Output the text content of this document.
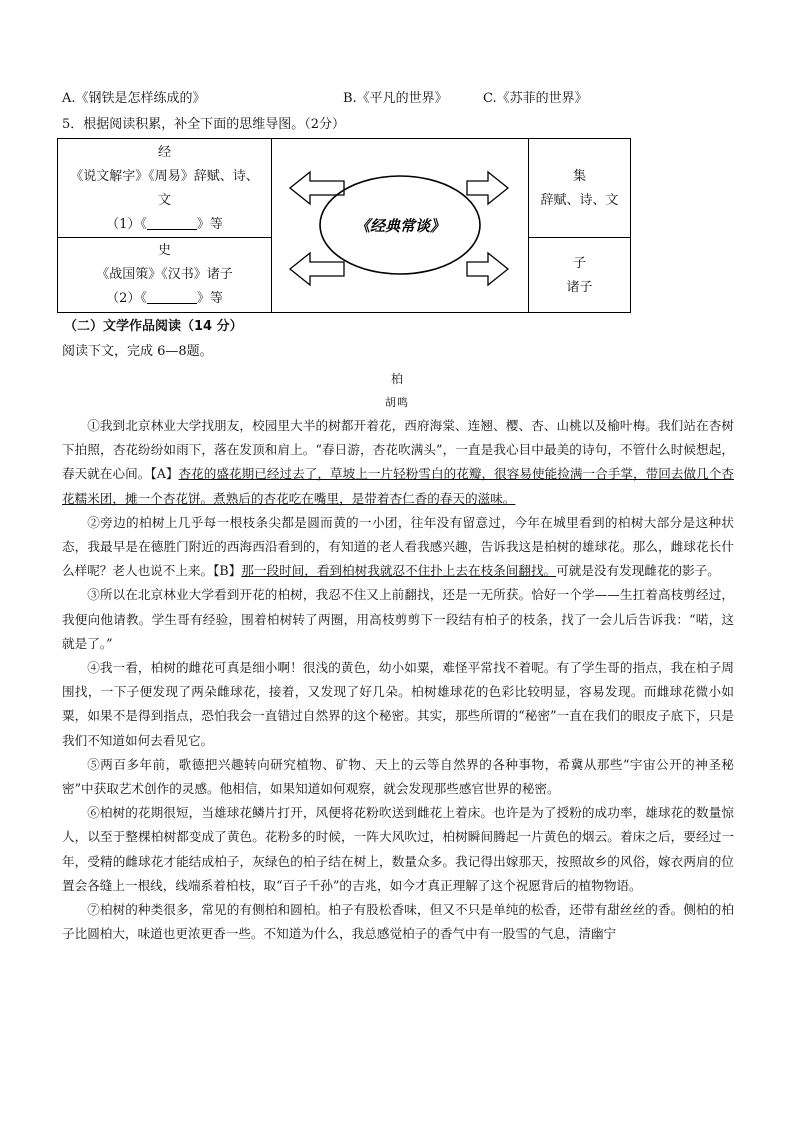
A.《钢铁是怎样练成的》	B.《平凡的世界》	C.《苏菲的世界》
5．根据阅读积累，补全下面的思维导图。（2分）
经
《说文解字》《周易》辞赋、诗、
文
（1）《	》等
史
《战国策》《汉书》诸子
（2）《	》等
《经典常谈》
集
辞赋、诗、文
子
诸子
（二）文学作品阅读（14 分）
阅读下文，完成 6—8题。
柏
胡鸣

①我到北京林业大学找朋友，校园里大半的树都开着花，西府海棠、连翘、樱、杏、山桃以及榆叶梅。我们站在杏树下拍照，杏花纷纷如雨下，落在发顶和肩上。“春日游，杏花吹满头”，一直是我心目中最美的诗句，不管什么时候想起，春天就在心间。【A】杏花的盛花期已经过去了，草坡上一片轻粉雪白的花瓣，很容易使能捡满一合手掌，带回去做几个杏花糯米团，摊一个杏花饼。煮熟后的杏花吃在嘴里，是带着杏仁香的春天的滋味。

②旁边的柏树上几乎每一根枝条尖都是圆而黄的一小团，往年没有留意过，今年在城里看到的柏树大部分是这种状态，我最早是在德胜门附近的西海西沿看到的，有知道的老人看我感兴趣，告诉我这是柏树的雄球花。那么，雌球花长什么样呢？老人也说不上来。【B】那一段时间，看到柏树我就忍不住扑上去在枝条间翻找。可就是没有发现雌花的影子。

③所以在北京林业大学看到开花的柏树，我忍不住又上前翻找，还是一无所获。恰好一个学——生扛着高枝剪经过，我便向他请教。学生哥有经验，围着柏树转了两圈，用高枝剪剪下一段结有柏子的枝条，找了一会儿后告诉我：“喏，这就是了。”

④我一看，柏树的雌花可真是细小啊！很浅的黄色，幼小如粟，难怪平常找不着呢。有了学生哥的指点，我在柏子周围找，一下子便发现了两朵雌球花，接着，又发现了好几朵。柏树雄球花的色彩比较明显，容易发现。而雌球花微小如粟，如果不是得到指点，恐怕我会一直错过自然界的这个秘密。其实，那些所谓的“秘密”一直在我们的眼皮子底下，只是我们不知道如何去看见它。

⑤两百多年前，歌德把兴趣转向研究植物、矿物、天上的云等自然界的各种事物，希冀从那些“宇宙公开的神圣秘密”中获取艺术创作的灵感。他相信，如果知道如何观察，就会发现那些感官世界的秘密。

⑥柏树的花期很短，当雄球花鳞片打开，风便将花粉吹送到雌花上着床。也许是为了授粉的成功率，雄球花的数量惊人，以至于整棵柏树都变成了黄色。花粉多的时候，一阵大风吹过，柏树瞬间腾起一片黄色的烟云。着床之后，要经过一年，受精的雌球花才能结成柏子，灰绿色的柏子结在树上，数量众多。我记得出嫁那天，按照故乡的风俗，嫁衣两肩的位置会各缝上一根线，线端系着柏枝，取“百子千孙”的吉兆，如今才真正理解了这个祝愿背后的植物物语。

⑦柏树的种类很多，常见的有侧柏和圆柏。柏子有股松香味，但又不只是单纯的松香，还带有甜丝丝的香。侧柏的柏子比圆柏大，味道也更浓更香一些。不知道为什么，我总感觉柏子的香气中有一股雪的气息，清幽宁
